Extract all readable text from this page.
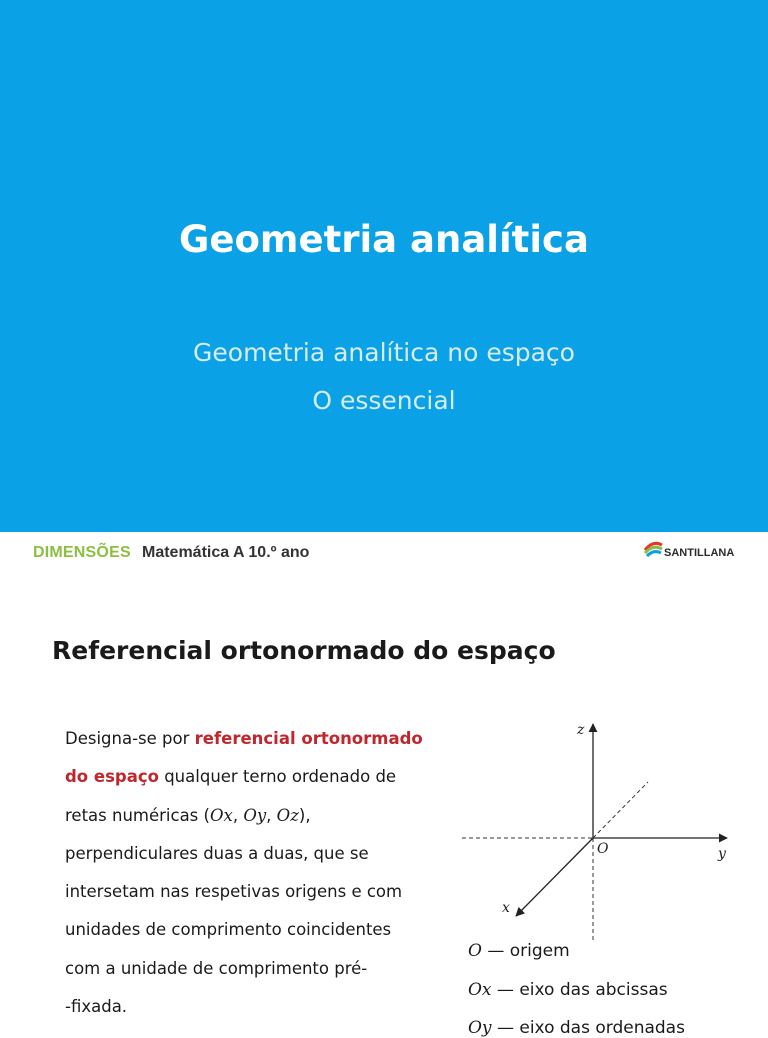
Geometria analítica
Geometria analítica no espaço
O essencial
DIMENSÕES Matemática A 10.º ano	SANTILLANA
Referencial ortonormado do espaço

Designa-se por referencial ortonormado

do espaço qualquer terno ordenado de

retas numéricas (Ox, Oy, Oz),

perpendiculares duas a duas, que se

intersetam nas respetivas origens e com

unidades de comprimento coincidentes

com a unidade de comprimento pré-

-fixada.

z
y
x
O
O — origem
Ox — eixo das abcissas
Oy — eixo das ordenadas
